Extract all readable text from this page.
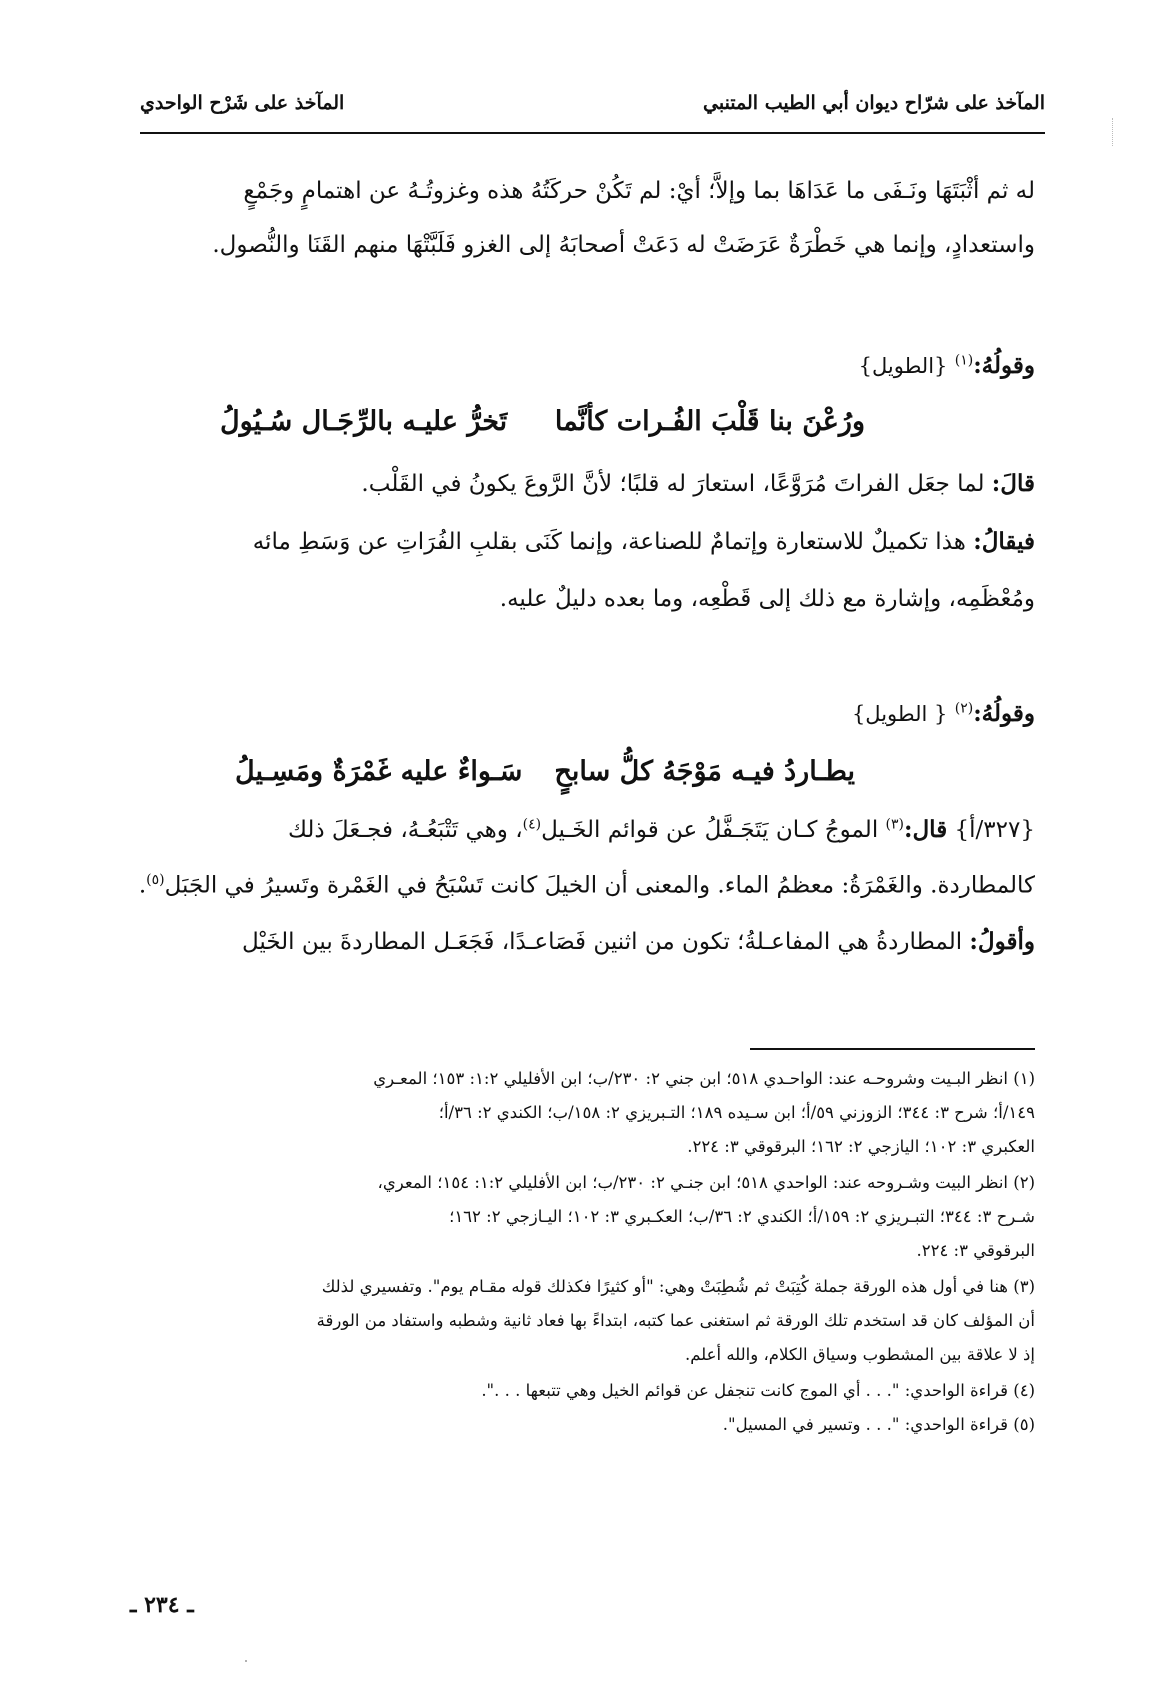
المآخذ على شرّاح ديوان أبي الطيب المتنبي
المآخذ على شَرْح الواحدي
له ثم أثْبَتَهَا ونَـفَى ما عَدَاهَا بما وإلاَّ؛ أيْ: لم تَكُنْ حركَتُهُ هذه وغزوتُـهُ عن اهتمامٍ وجَمْعٍ
واستعدادٍ، وإنما هي خَطْرَةٌ عَرَضَتْ له دَعَتْ أصحابَهُ إلى الغزو فَلَبَّتْهَا منهم القَنَا والنُّصول.
وقولُهُ:$^{(١)}$ {الطويل}
ورُعْنَ بنا قَلْبَ الفُـرات كأنَّما
تَخرُّ عليـه بالرِّجَـال سُـيُولُ
قالَ: لما جعَل الفراتَ مُرَوَّعًا، استعارَ له قلبًا؛ لأنَّ الرَّوعَ يكونُ في القَلْب.
فيقالُ: هذا تكميلٌ للاستعارة وإتمامٌ للصناعة، وإنما كَنَى بقلبِ الفُرَاتِ عن وَسَطِ مائه
ومُعْظَمِه، وإشارة مع ذلك إلى قَطْعِه، وما بعده دليلٌ عليه.
وقولُهُ:$^{(٢)}$ { الطويل}
يطـاردُ فيـه مَوْجَهُ كلُّ سابحٍ
سَـواءٌ عليه غَمْرَةٌ ومَسِـيلُ
{٣٢٧/أ} قال:$^{(٣)}$ الموجُ كـان يَتَجَـفَّلُ عن قوائم الخَـيل$^{(٤)}$، وهي تَتْبَعُـهُ، فجـعَلَ ذلك
كالمطاردة. والغَمْرَةُ: معظمُ الماء. والمعنى أن الخيلَ كانت تَسْبَحُ في الغَمْرة وتَسيرُ في الجَبَل$^{(٥)}$.
وأقولُ: المطاردةُ هي المفاعـلةُ؛ تكون من اثنين فَصَاعـدًا، فَجَعَـل المطاردةَ بين الخَيْل
(١) انظر البـيت وشروحـه عند: الواحـدي ٥١٨؛ ابن جني ٢: ٢٣٠/ب؛ ابن الأفليلي ١:٢: ١٥٣؛ المعـري
١٤٩/أ؛ شرح ٣: ٣٤٤؛ الزوزني ٥٩/أ؛ ابن سـيده ١٨٩؛ التـبريزي ٢: ١٥٨/ب؛ الكندي ٢: ٣٦/أ؛
العكبري ٣: ١٠٢؛ اليازجي ٢: ١٦٢؛ البرقوقي ٣: ٢٢٤.
(٢) انظر البيت وشـروحه عند: الواحدي ٥١٨؛ ابن جنـي ٢: ٢٣٠/ب؛ ابن الأفليلي ١:٢: ١٥٤؛ المعري،
شـرح ٣: ٣٤٤؛ التبـريزي ٢: ١٥٩/أ؛ الكندي ٢: ٣٦/ب؛ العكـبري ٣: ١٠٢؛ اليـازجي ٢: ١٦٢؛
البرقوقي ٣: ٢٢٤.
(٣) هنا في أول هذه الورقة جملة كُتِبَتْ ثم شُطِبَتْ وهي: "أو كثيرًا فكذلك قوله مقـام يوم". وتفسيري لذلك
أن المؤلف كان قد استخدم تلك الورقة ثم استغنى عما كتبه، ابتداءً بها فعاد ثانية وشطبه واستفاد من الورقة
إذ لا علاقة بين المشطوب وسياق الكلام، والله أعلم.
(٤) قراءة الواحدي: ". . . أي الموج كانت تنجفل عن قوائم الخيل وهي تتبعها . . .".
(٥) قراءة الواحدي: ". . . وتسير في المسيل".
ـ ٢٣٤ ـ
